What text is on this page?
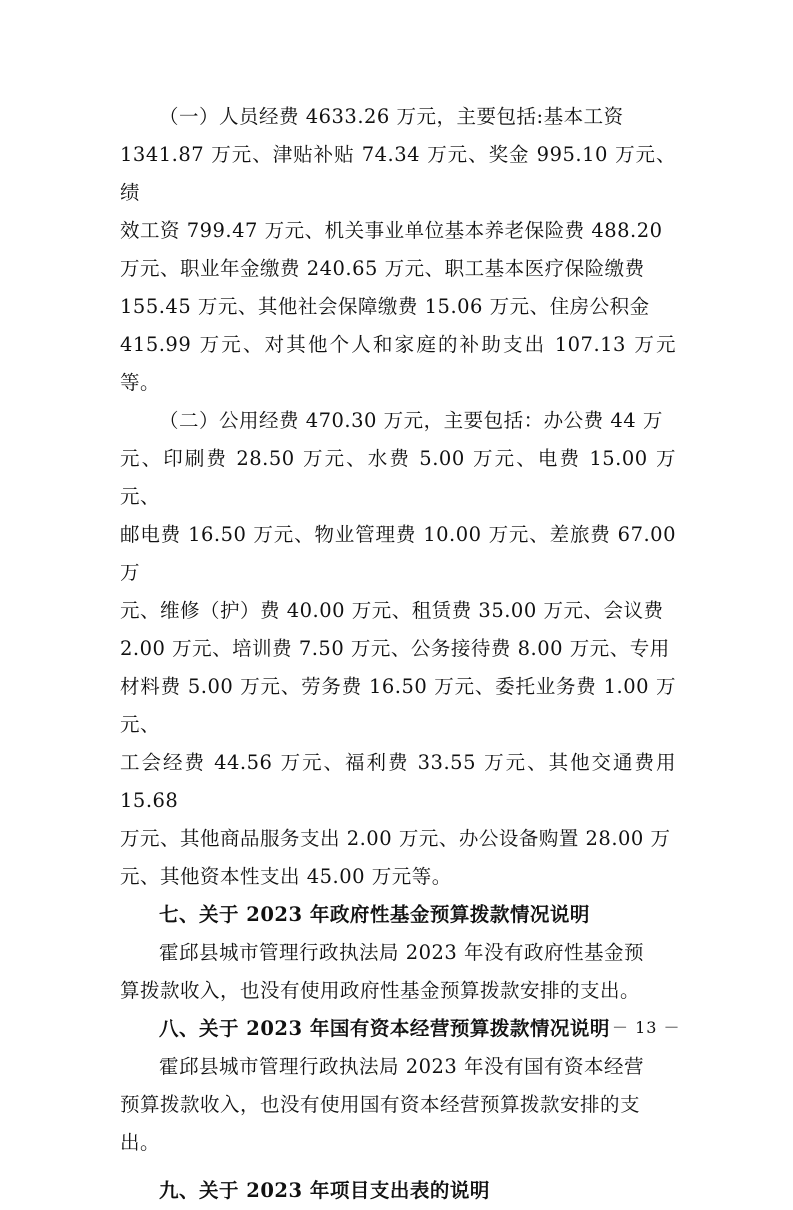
（一）人员经费 4633.26 万元，主要包括:基本工资
1341.87 万元、津贴补贴 74.34 万元、奖金 995.10 万元、绩
效工资 799.47 万元、机关事业单位基本养老保险费 488.20
万元、职业年金缴费 240.65 万元、职工基本医疗保险缴费
155.45 万元、其他社会保障缴费 15.06 万元、住房公积金
415.99 万元、对其他个人和家庭的补助支出 107.13 万元等。

（二）公用经费 470.30 万元，主要包括：办公费 44 万
元、印刷费 28.50 万元、水费 5.00 万元、电费 15.00 万元、
邮电费 16.50 万元、物业管理费 10.00 万元、差旅费 67.00 万
元、维修（护）费 40.00 万元、租赁费 35.00 万元、会议费
2.00 万元、培训费 7.50 万元、公务接待费 8.00 万元、专用
材料费 5.00 万元、劳务费 16.50 万元、委托业务费 1.00 万元、
工会经费 44.56 万元、福利费 33.55 万元、其他交通费用 15.68
万元、其他商品服务支出 2.00 万元、办公设备购置 28.00 万
元、其他资本性支出 45.00 万元等。

七、关于 2023 年政府性基金预算拨款情况说明

霍邱县城市管理行政执法局 2023 年没有政府性基金预
算拨款收入，也没有使用政府性基金预算拨款安排的支出。

八、关于 2023 年国有资本经营预算拨款情况说明

霍邱县城市管理行政执法局 2023 年没有国有资本经营
预算拨款收入，也没有使用国有资本经营预算拨款安排的支
出。

九、关于 2023 年项目支出表的说明

－ 13 －
